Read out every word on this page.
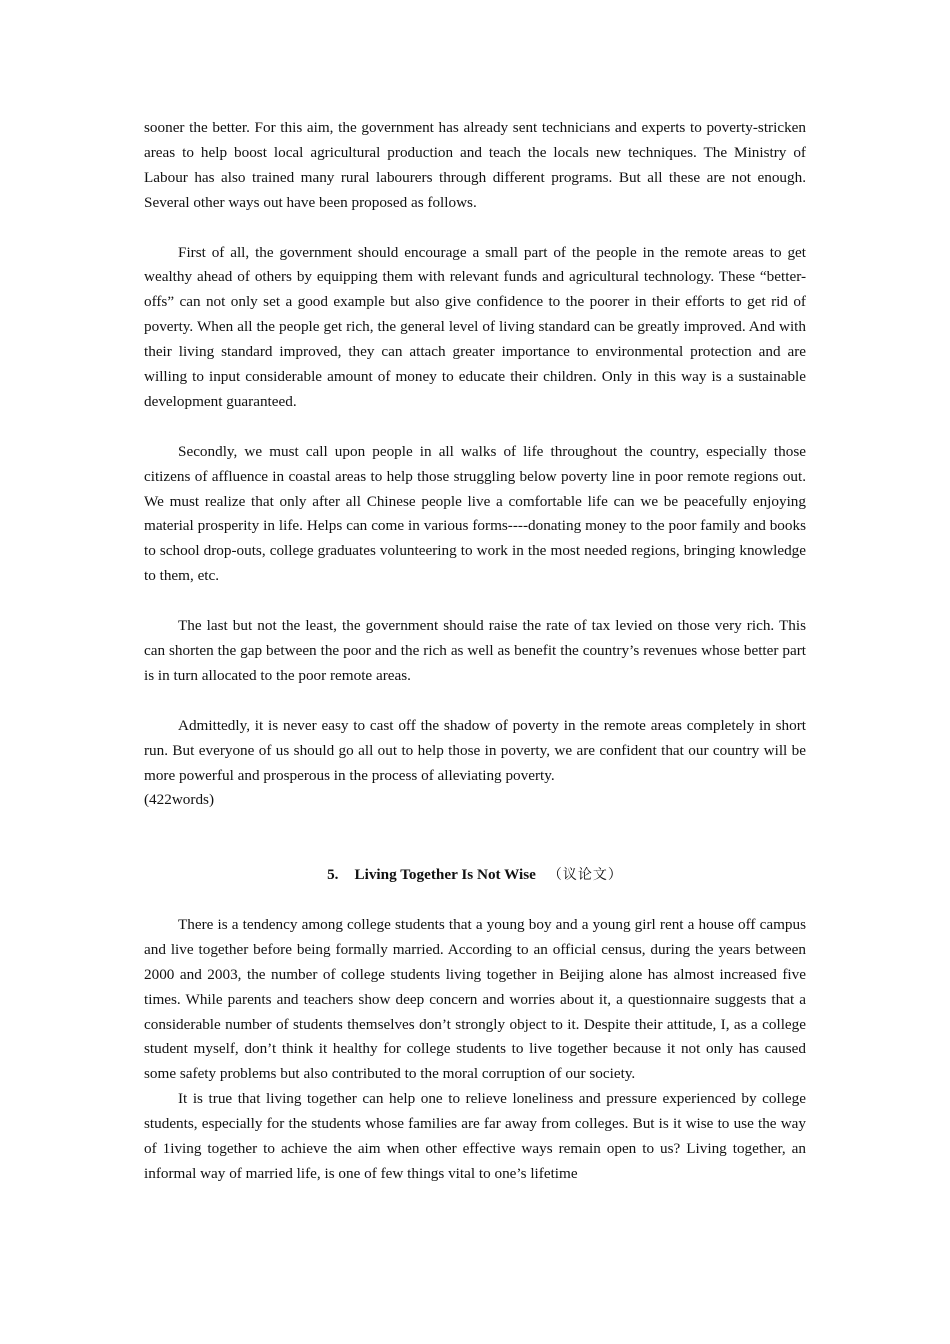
sooner the better. For this aim, the government has already sent technicians and experts to poverty-stricken areas to help boost local agricultural production and teach the locals new techniques. The Ministry of Labour has also trained many rural labourers through different programs. But all these are not enough. Several other ways out have been proposed as follows.

First of all, the government should encourage a small part of the people in the remote areas to get wealthy ahead of others by equipping them with relevant funds and agricultural technology. These “better-offs” can not only set a good example but also give confidence to the poorer in their efforts to get rid of poverty. When all the people get rich, the general level of living standard can be greatly improved. And with their living standard improved, they can attach greater importance to environmental protection and are willing to input considerable amount of money to educate their children. Only in this way is a sustainable development guaranteed.

Secondly, we must call upon people in all walks of life throughout the country, especially those citizens of affluence in coastal areas to help those struggling below poverty line in poor remote regions out. We must realize that only after all Chinese people live a comfortable life can we be peacefully enjoying material prosperity in life. Helps can come in various forms----donating money to the poor family and books to school drop-outs, college graduates volunteering to work in the most needed regions, bringing knowledge to them, etc.

The last but not the least, the government should raise the rate of tax levied on those very rich. This can shorten the gap between the poor and the rich as well as benefit the country’s revenues whose better part is in turn allocated to the poor remote areas.

Admittedly, it is never easy to cast off the shadow of poverty in the remote areas completely in short run. But everyone of us should go all out to help those in poverty, we are confident that our country will be more powerful and prosperous in the process of alleviating poverty.
(422words)

5. Living Together Is Not Wise （议论文）

There is a tendency among college students that a young boy and a young girl rent a house off campus and live together before being formally married. According to an official census, during the years between 2000 and 2003, the number of college students living together in Beijing alone has almost increased five times. While parents and teachers show deep concern and worries about it, a questionnaire suggests that a considerable number of students themselves don’t strongly object to it. Despite their attitude, I, as a college student myself, don’t think it healthy for college students to live together because it not only has caused some safety problems but also contributed to the moral corruption of our society.

It is true that living together can help one to relieve loneliness and pressure experienced by college students, especially for the students whose families are far away from colleges. But is it wise to use the way of 1iving together to achieve the aim when other effective ways remain open to us? Living together, an informal way of married life, is one of few things vital to one’s lifetime
